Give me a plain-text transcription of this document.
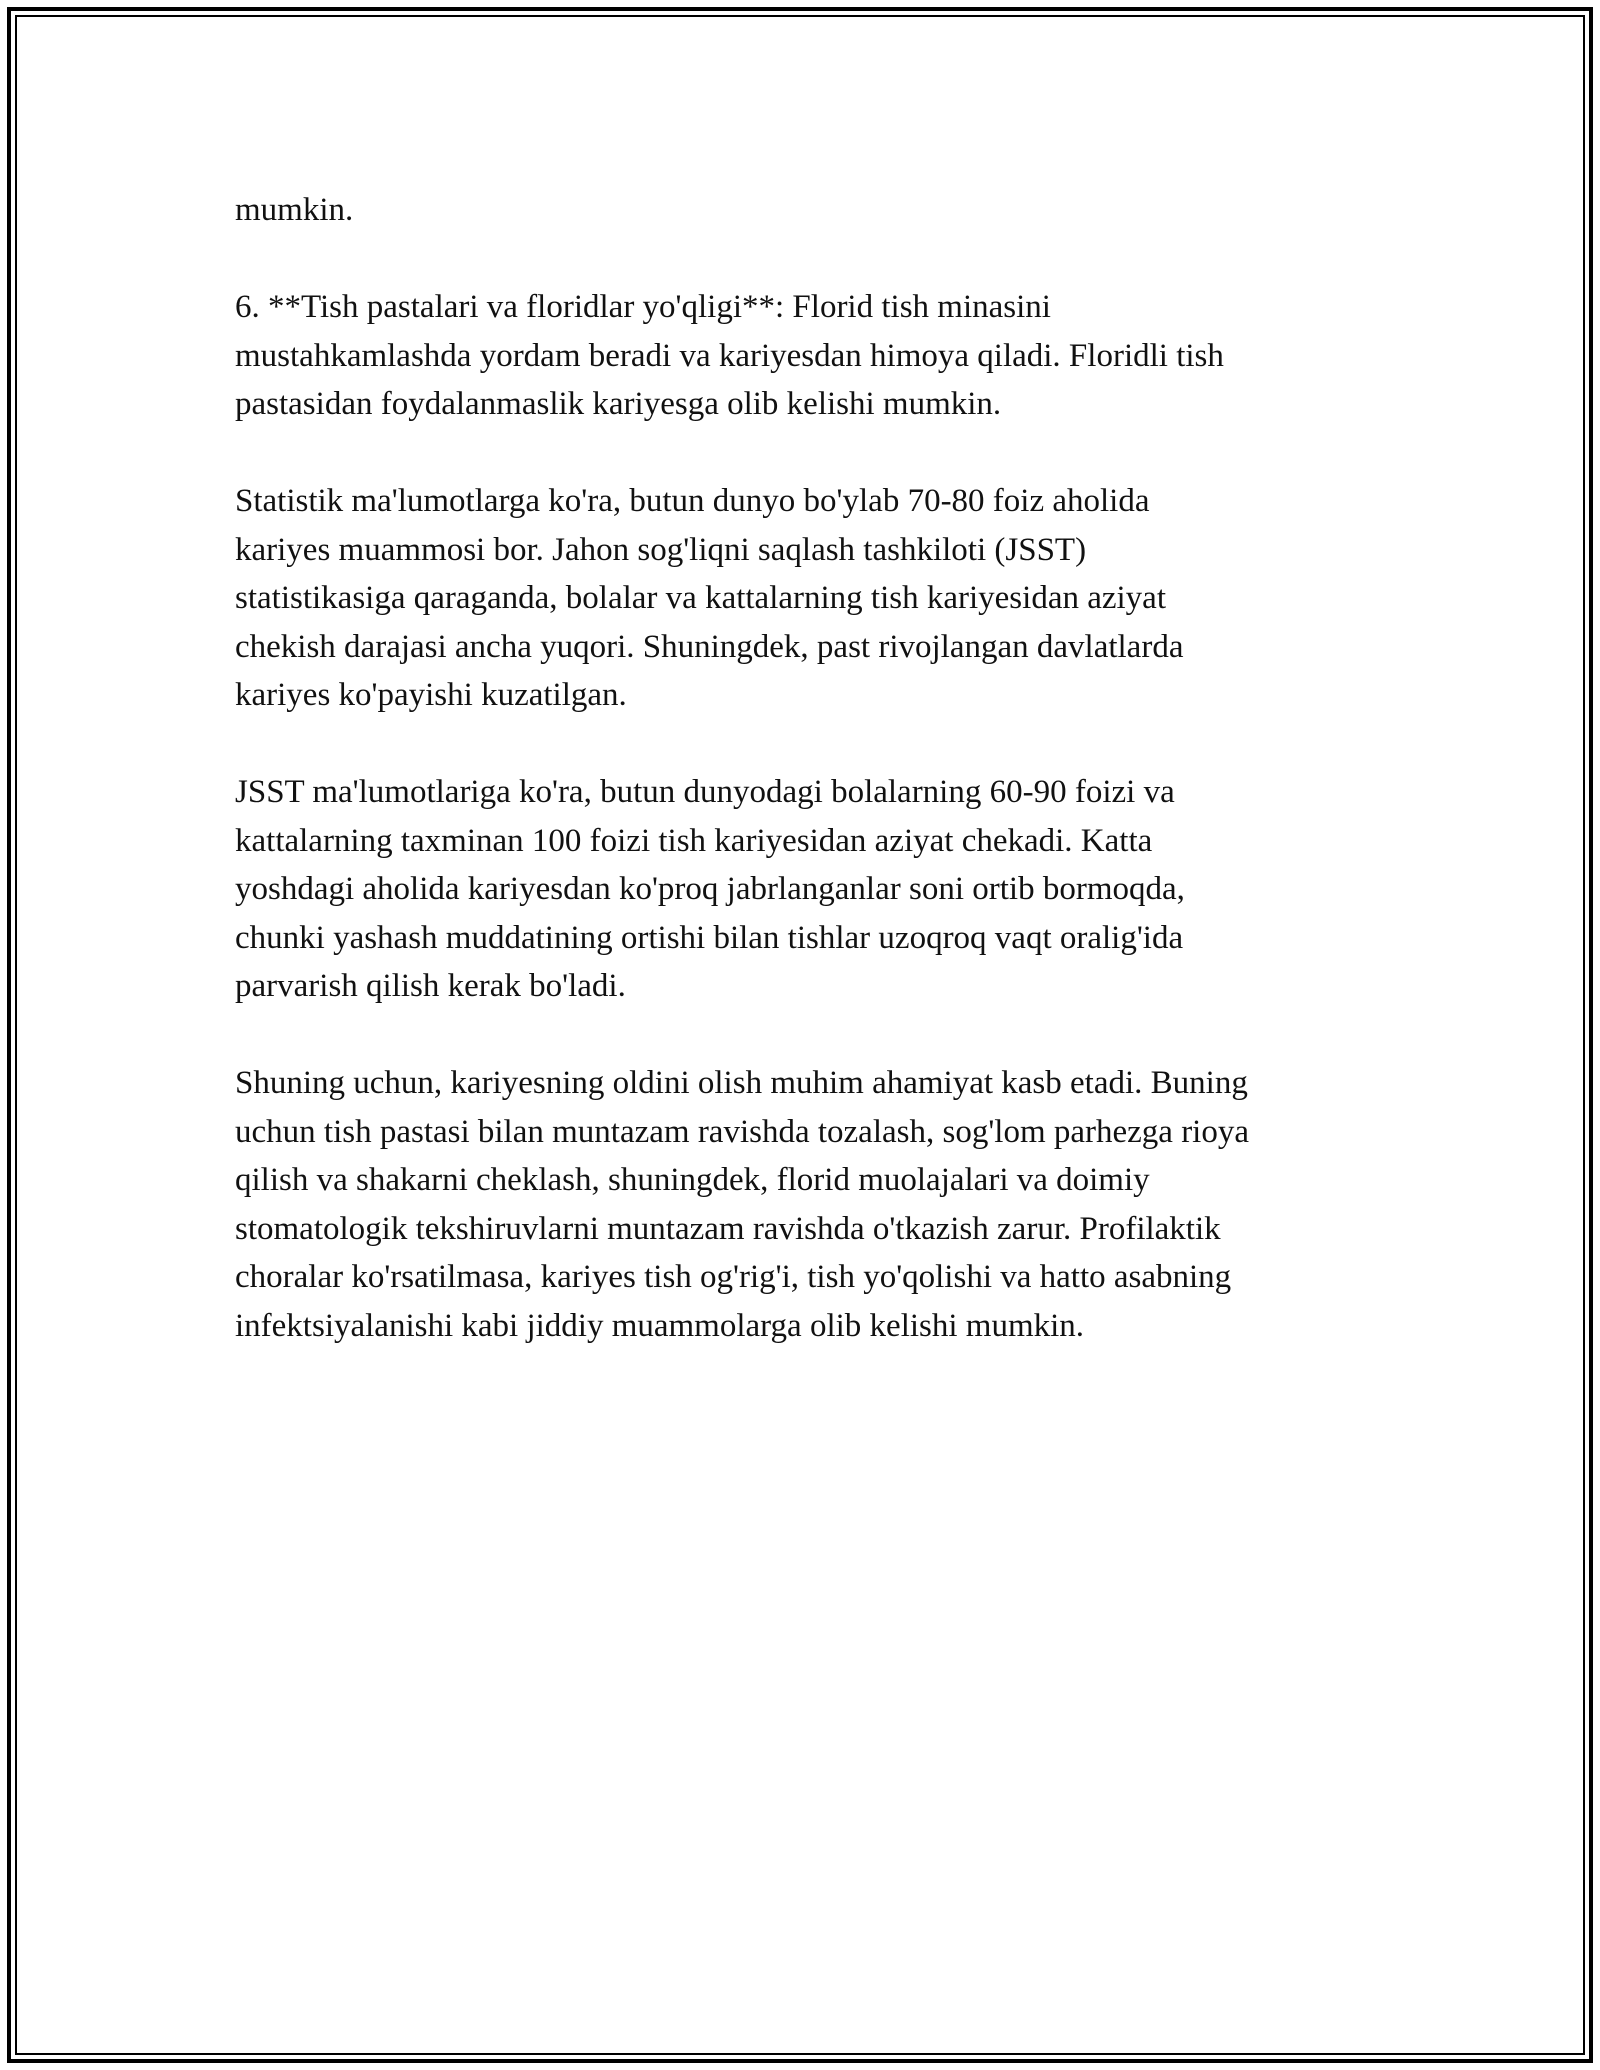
mumkin.

6. **Tish pastalari va floridlar yo'qligi**: Florid tish minasini
mustahkamlashda yordam beradi va kariyesdan himoya qiladi. Floridli tish
pastasidan foydalanmaslik kariyesga olib kelishi mumkin.

Statistik ma'lumotlarga ko'ra, butun dunyo bo'ylab 70-80 foiz aholida
kariyes muammosi bor. Jahon sog'liqni saqlash tashkiloti (JSST)
statistikasiga qaraganda, bolalar va kattalarning tish kariyesidan aziyat
chekish darajasi ancha yuqori. Shuningdek, past rivojlangan davlatlarda
kariyes ko'payishi kuzatilgan.

JSST ma'lumotlariga ko'ra, butun dunyodagi bolalarning 60-90 foizi va
kattalarning taxminan 100 foizi tish kariyesidan aziyat chekadi. Katta
yoshdagi aholida kariyesdan ko'proq jabrlanganlar soni ortib bormoqda,
chunki yashash muddatining ortishi bilan tishlar uzoqroq vaqt oralig'ida
parvarish qilish kerak bo'ladi.

Shuning uchun, kariyesning oldini olish muhim ahamiyat kasb etadi. Buning
uchun tish pastasi bilan muntazam ravishda tozalash, sog'lom parhezga rioya
qilish va shakarni cheklash, shuningdek, florid muolajalari va doimiy
stomatologik tekshiruvlarni muntazam ravishda o'tkazish zarur. Profilaktik
choralar ko'rsatilmasa, kariyes tish og'rig'i, tish yo'qolishi va hatto asabning
infektsiyalanishi kabi jiddiy muammolarga olib kelishi mumkin.
